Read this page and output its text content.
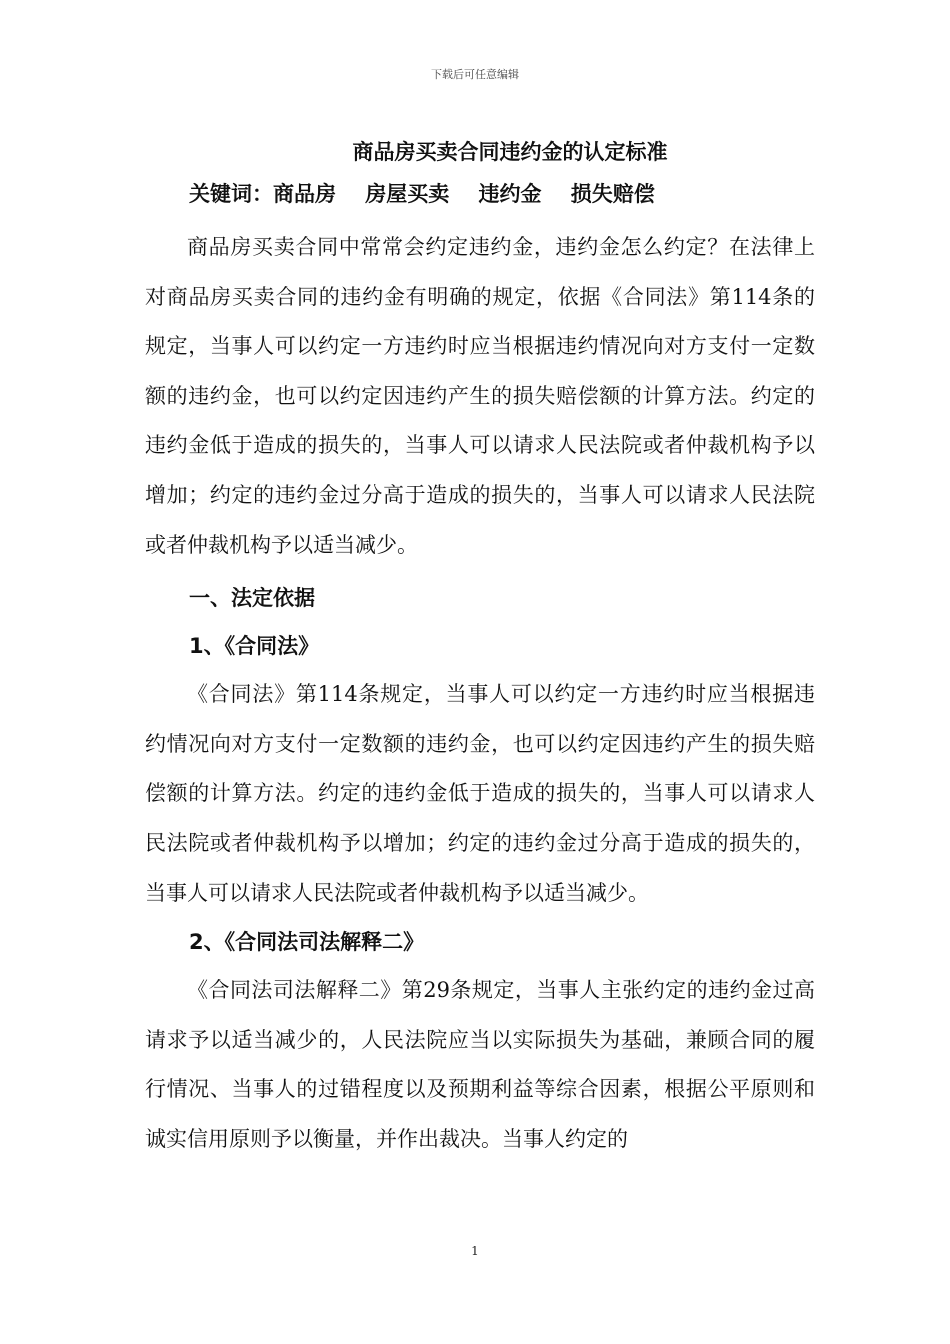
下载后可任意编辑

商品房买卖合同违约金的认定标准

关键词：商品房    房屋买卖    违约金    损失赔偿

商品房买卖合同中常常会约定违约金，违约金怎么约定？在法律上对商品房买卖合同的违约金有明确的规定，依据《合同法》第114条的规定，当事人可以约定一方违约时应当根据违约情况向对方支付一定数额的违约金，也可以约定因违约产生的损失赔偿额的计算方法。约定的违约金低于造成的损失的，当事人可以请求人民法院或者仲裁机构予以增加；约定的违约金过分高于造成的损失的，当事人可以请求人民法院或者仲裁机构予以适当减少。

一、法定依据

1、《合同法》

《合同法》第114条规定，当事人可以约定一方违约时应当根据违约情况向对方支付一定数额的违约金，也可以约定因违约产生的损失赔偿额的计算方法。约定的违约金低于造成的损失的，当事人可以请求人民法院或者仲裁机构予以增加；约定的违约金过分高于造成的损失的，当事人可以请求人民法院或者仲裁机构予以适当减少。

2、《合同法司法解释二》

《合同法司法解释二》第29条规定，当事人主张约定的违约金过高请求予以适当减少的，人民法院应当以实际损失为基础，兼顾合同的履行情况、当事人的过错程度以及预期利益等综合因素，根据公平原则和诚实信用原则予以衡量，并作出裁决。当事人约定的

1
